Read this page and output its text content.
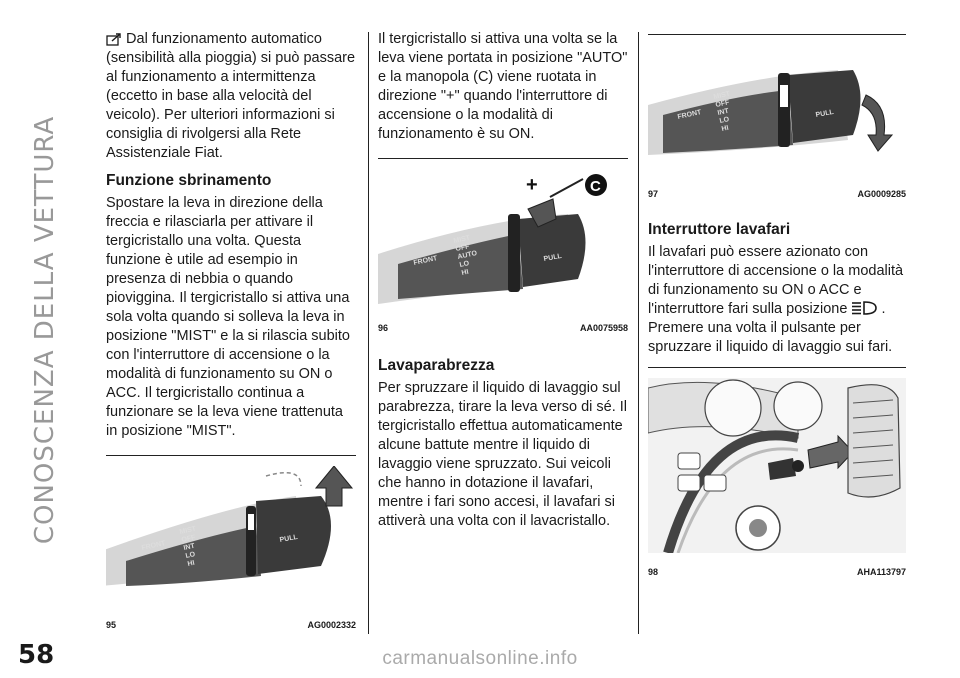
CONOSCENZA DELLA VETTURA
58

Dal funzionamento automatico (sensibilità alla pioggia) si può passare al funzionamento a intermittenza (eccetto in base alla velocità del veicolo). Per ulteriori informazioni si consiglia di rivolgersi alla Rete Assistenziale Fiat.

Funzione sbrinamento

Spostare la leva in direzione della freccia e rilasciarla per attivare il tergicristallo una volta. Questa funzione è utile ad esempio in presenza di nebbia o quando pioviggina. Il tergicristallo si attiva una sola volta quando si solleva la leva in posizione "MIST" e la si rilascia subito con l'interruttore di accensione o la modalità di funzionamento su ON o ACC. Il tergicristallo continua a funzionare se la leva viene trattenuta in posizione "MIST".

FRONT
MIST
OFF
INT
LO
HI
PULL
95	AG0002332

Il tergicristallo si attiva una volta se la leva viene portata in posizione "AUTO" e la manopola (C) viene ruotata in direzione "+" quando l'interruttore di accensione o la modalità di funzionamento è su ON.

+	C
FRONT
MIST
OFF
AUTO
LO
HI
PULL
96	AA0075958
Lavaparabrezza

Per spruzzare il liquido di lavaggio sul parabrezza, tirare la leva verso di sé. Il tergicristallo effettua automaticamente alcune battute mentre il liquido di lavaggio viene spruzzato. Sui veicoli che hanno in dotazione il lavafari, mentre i fari sono accesi, il lavafari si attiverà una volta con il lavacristallo.

FRONT
MIST
OFF
INT
LO
HI
PULL
97	AG0009285
Interruttore lavafari

Il lavafari può essere azionato con l'interruttore di accensione o la modalità di funzionamento su ON o ACC e l'interruttore fari sulla posizione . Premere una volta il pulsante per spruzzare il liquido di lavaggio sui fari.

98	AHA113797
carmanualsonline.info
